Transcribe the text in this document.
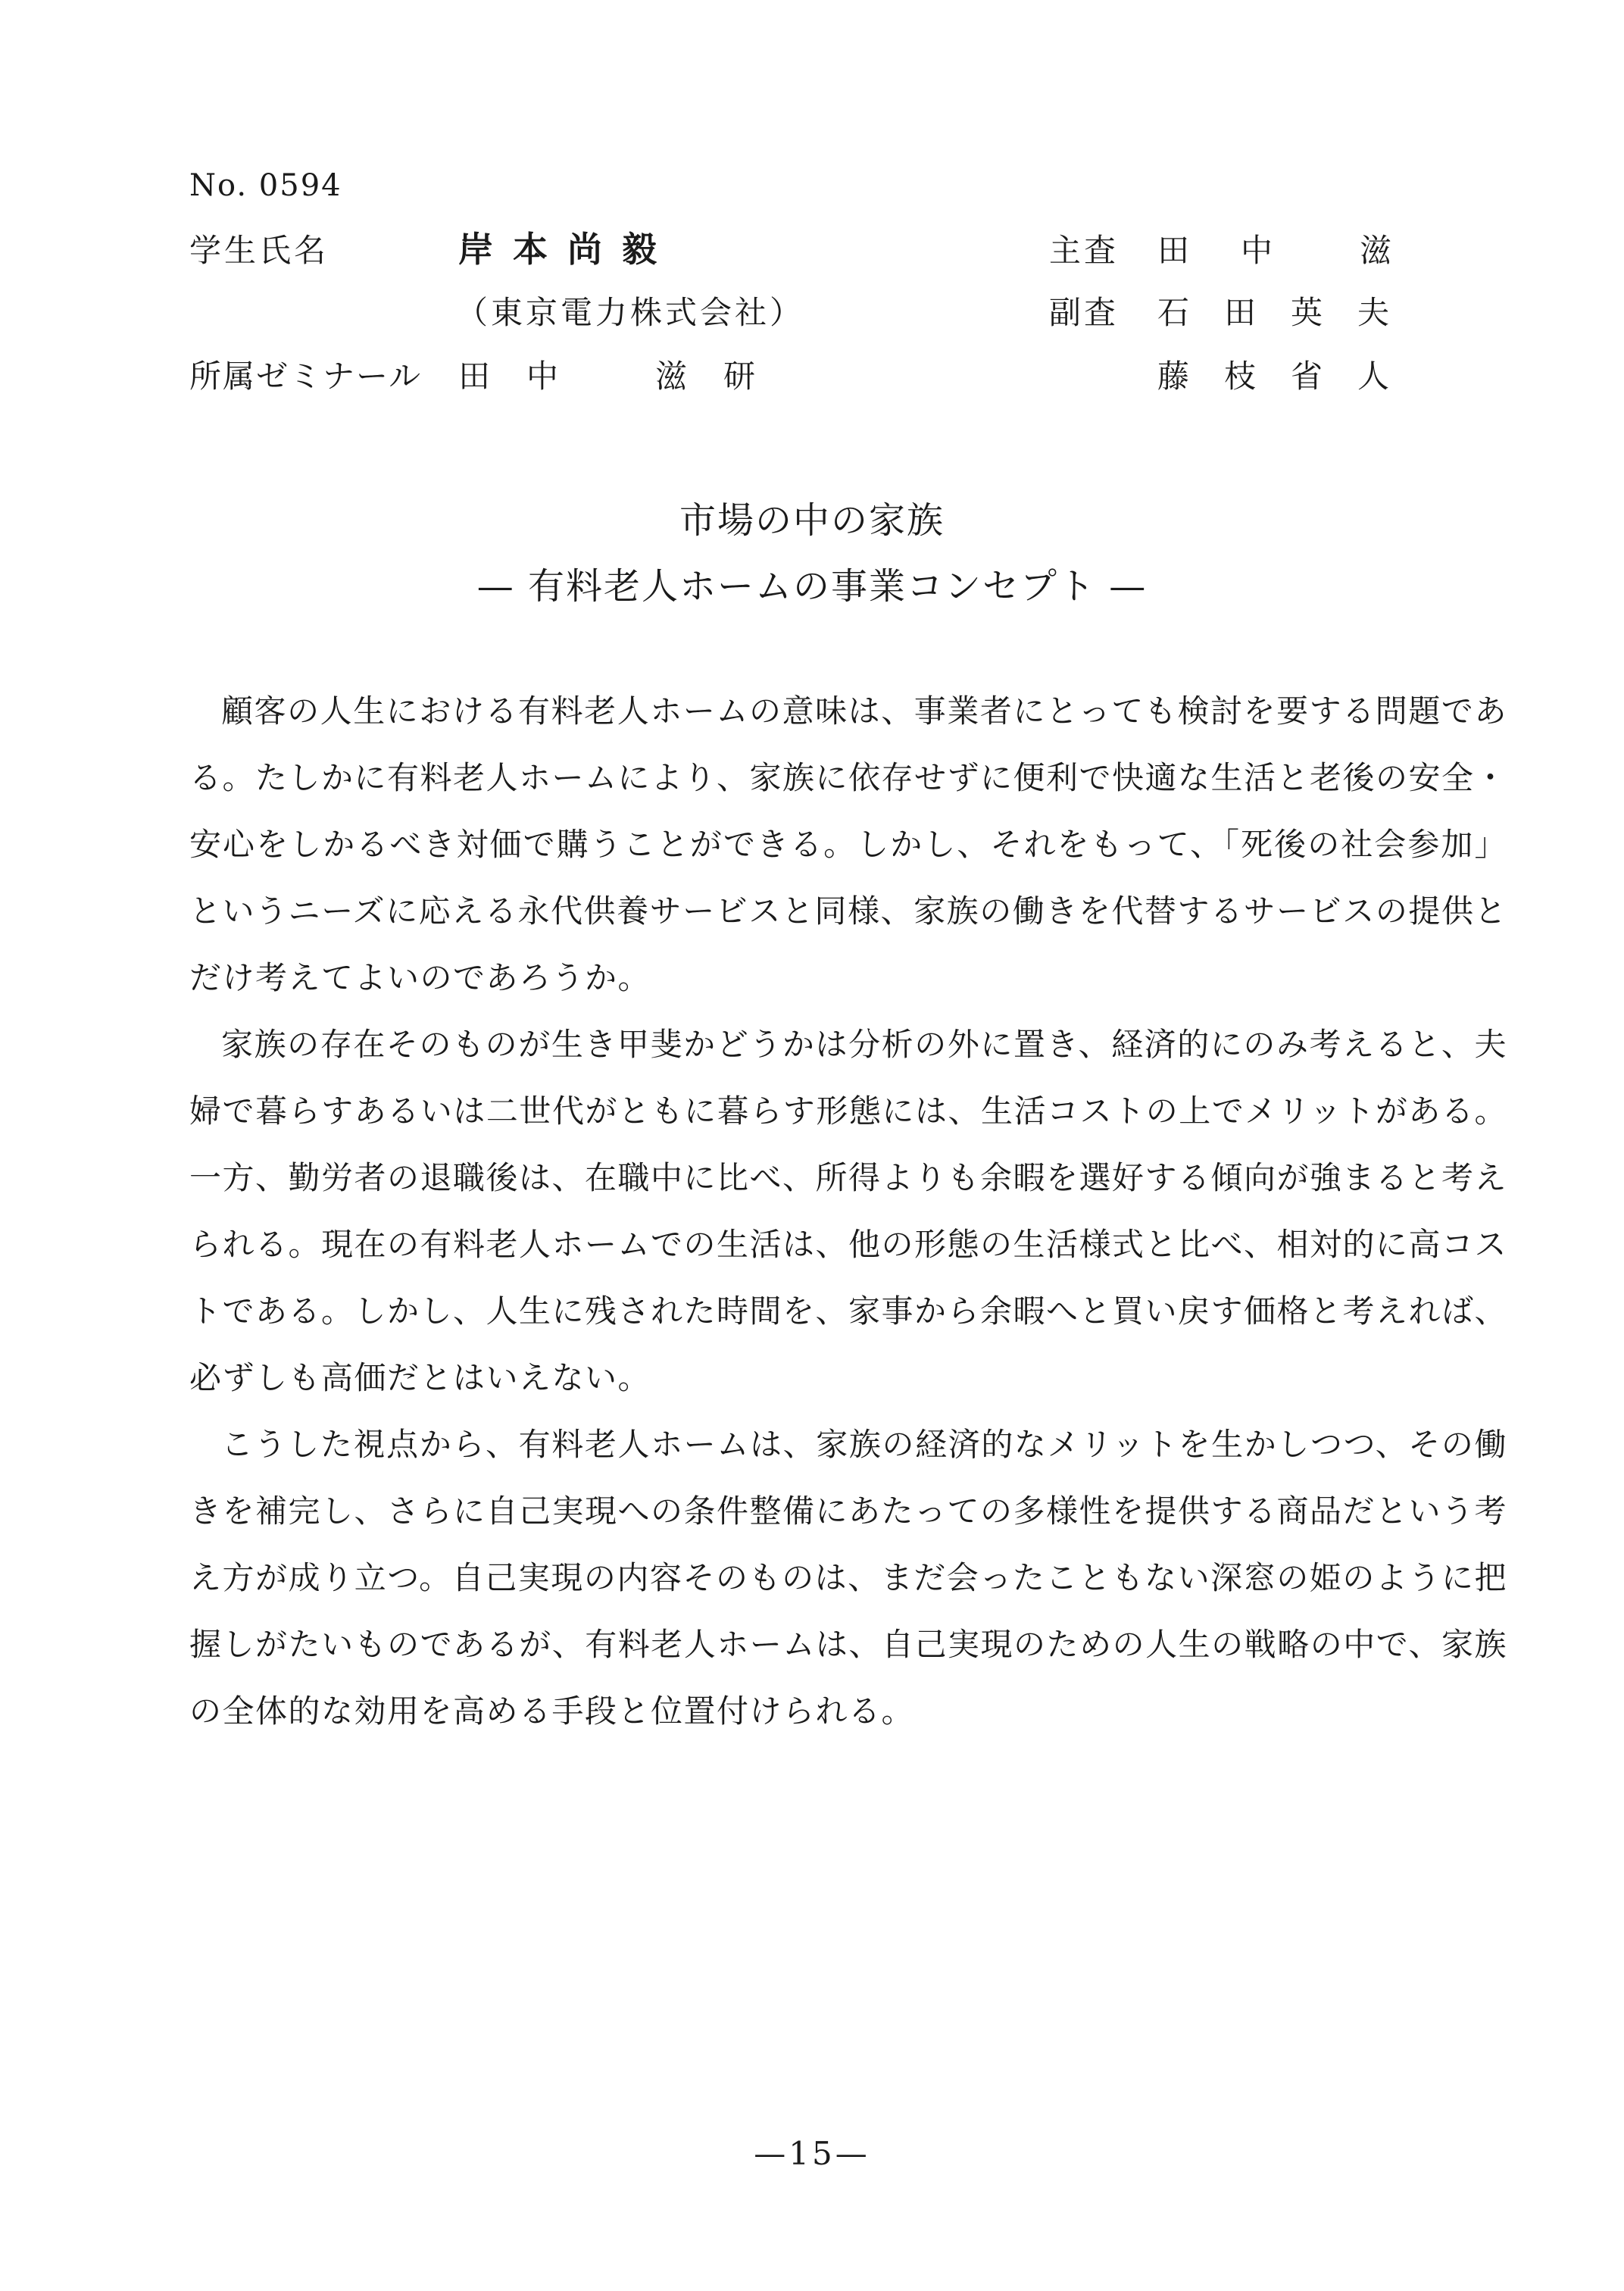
No. 0594
学生氏名	岸本尚毅
（東京電力株式会社）
所属ゼミナール 田中 滋研
主査 田中 滋
副査 石田英夫
藤枝省人
市場の中の家族
— 有料老人ホームの事業コンセプト —

顧客の人生における有料老人ホームの意味は、事業者にとっても検討を要する問題である。たしかに有料老人ホームにより、家族に依存せずに便利で快適な生活と老後の安全・安心をしかるべき対価で購うことができる。しかし、それをもって、「死後の社会参加」というニーズに応える永代供養サービスと同様、家族の働きを代替するサービスの提供とだけ考えてよいのであろうか。

家族の存在そのものが生き甲斐かどうかは分析の外に置き、経済的にのみ考えると、夫婦で暮らすあるいは二世代がともに暮らす形態には、生活コストの上でメリットがある。一方、勤労者の退職後は、在職中に比べ、所得よりも余暇を選好する傾向が強まると考えられる。現在の有料老人ホームでの生活は、他の形態の生活様式と比べ、相対的に高コストである。しかし、人生に残された時間を、家事から余暇へと買い戻す価格と考えれば、必ずしも高価だとはいえない。

こうした視点から、有料老人ホームは、家族の経済的なメリットを生かしつつ、その働きを補完し、さらに自己実現への条件整備にあたっての多様性を提供する商品だという考え方が成り立つ。自己実現の内容そのものは、まだ会ったこともない深窓の姫のように把握しがたいものであるが、有料老人ホームは、自己実現のための人生の戦略の中で、家族の全体的な効用を高める手段と位置付けられる。

—15—
